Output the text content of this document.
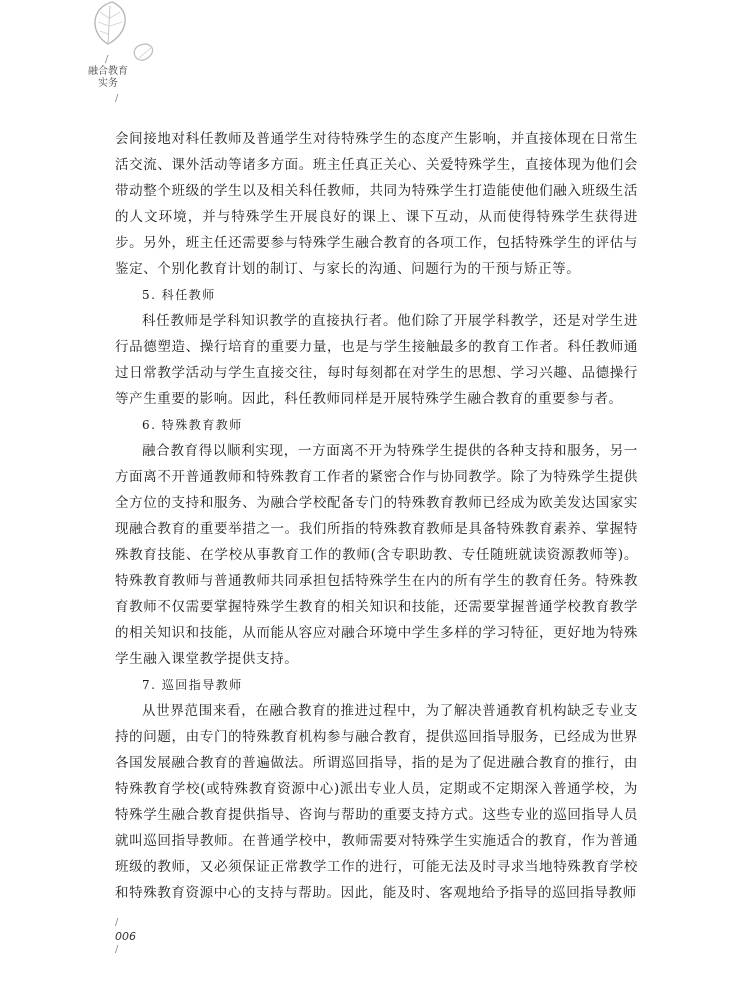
/
融合教育
实务
/

会间接地对科任教师及普通学生对待特殊学生的态度产生影响，并直接体现在日常生活交流、课外活动等诸多方面。班主任真正关心、关爱特殊学生，直接体现为他们会带动整个班级的学生以及相关科任教师，共同为特殊学生打造能使他们融入班级生活的人文环境，并与特殊学生开展良好的课上、课下互动，从而使得特殊学生获得进步。另外，班主任还需要参与特殊学生融合教育的各项工作，包括特殊学生的评估与鉴定、个别化教育计划的制订、与家长的沟通、问题行为的干预与矫正等。

5. 科任教师

科任教师是学科知识教学的直接执行者。他们除了开展学科教学，还是对学生进行品德塑造、操行培育的重要力量，也是与学生接触最多的教育工作者。科任教师通过日常教学活动与学生直接交往，每时每刻都在对学生的思想、学习兴趣、品德操行等产生重要的影响。因此，科任教师同样是开展特殊学生融合教育的重要参与者。

6. 特殊教育教师

融合教育得以顺利实现，一方面离不开为特殊学生提供的各种支持和服务，另一方面离不开普通教师和特殊教育工作者的紧密合作与协同教学。除了为特殊学生提供全方位的支持和服务、为融合学校配备专门的特殊教育教师已经成为欧美发达国家实现融合教育的重要举措之一。我们所指的特殊教育教师是具备特殊教育素养、掌握特殊教育技能、在学校从事教育工作的教师(含专职助教、专任随班就读资源教师等)。特殊教育教师与普通教师共同承担包括特殊学生在内的所有学生的教育任务。特殊教育教师不仅需要掌握特殊学生教育的相关知识和技能，还需要掌握普通学校教育教学的相关知识和技能，从而能从容应对融合环境中学生多样的学习特征，更好地为特殊学生融入课堂教学提供支持。

7. 巡回指导教师

从世界范围来看，在融合教育的推进过程中，为了解决普通教育机构缺乏专业支持的问题，由专门的特殊教育机构参与融合教育，提供巡回指导服务，已经成为世界各国发展融合教育的普遍做法。所谓巡回指导，指的是为了促进融合教育的推行，由特殊教育学校(或特殊教育资源中心)派出专业人员，定期或不定期深入普通学校，为特殊学生融合教育提供指导、咨询与帮助的重要支持方式。这些专业的巡回指导人员就叫巡回指导教师。在普通学校中，教师需要对特殊学生实施适合的教育，作为普通班级的教师，又必须保证正常教学工作的进行，可能无法及时寻求当地特殊教育学校和特殊教育资源中心的支持与帮助。因此，能及时、客观地给予指导的巡回指导教师

/
006
/
